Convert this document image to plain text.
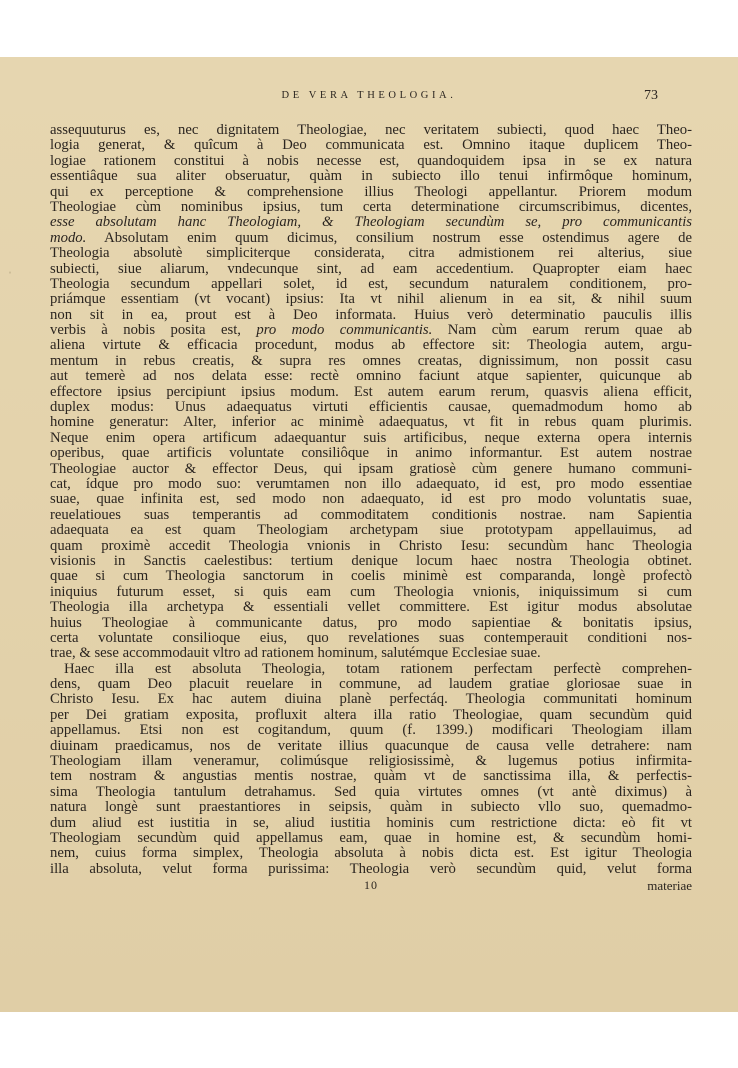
DE VERA THEOLOGIA.	73
ˌ
assequuturus es, nec dignitatem Theologiae, nec veritatem subiecti, quod haec Theo-
logia generat, & quîcum à Deo communicata est. Omnino itaque duplicem Theo-
logiae rationem constitui à nobis necesse est, quandoquidem ipsa in se ex natura
essentiâque sua aliter obseruatur, quàm in subiecto illo tenui infirmôque hominum,
qui ex perceptione & comprehensione illius Theologi appellantur. Priorem modum
Theologiae cùm nominibus ipsius, tum certa determinatione circumscribimus, dicentes,
esse absolutam hanc Theologiam, & Theologiam secundùm se, pro communicantis
modo. Absolutam enim quum dicimus, consilium nostrum esse ostendimus agere de
Theologia absolutè simpliciterque considerata, citra admistionem rei alterius, siue
subiecti, siue aliarum, vndecunque sint, ad eam accedentium. Quapropter eiam haec
Theologia secundum appellari solet, id est, secundum naturalem conditionem, pro-
priámque essentiam (vt vocant) ipsius: Ita vt nihil alienum in ea sit, & nihil suum
non sit in ea, prout est à Deo informata. Huius verò determinatio pauculis illis
verbis à nobis posita est, pro modo communicantis. Nam cùm earum rerum quae ab
aliena virtute & efficacia procedunt, modus ab effectore sit: Theologia autem, argu-
mentum in rebus creatis, & supra res omnes creatas, dignissimum, non possit casu
aut temerè ad nos delata esse: rectè omnino faciunt atque sapienter, quicunque ab
effectore ipsius percipiunt ipsius modum. Est autem earum rerum, quasvis aliena efficit,
duplex modus: Unus adaequatus virtuti efficientis causae, quemadmodum homo ab
homine generatur: Alter, inferior ac minimè adaequatus, vt fit in rebus quam plurimis.
Neque enim opera artificum adaequantur suis artificibus, neque externa opera internis
operibus, quae artificis voluntate consiliôque in animo informantur. Est autem nostrae
Theologiae auctor & effector Deus, qui ipsam gratiosè cùm genere humano communi-
cat, ídque pro modo suo: verumtamen non illo adaequato, id est, pro modo essentiae
suae, quae infinita est, sed modo non adaequato, id est pro modo voluntatis suae,
reuelatioues suas temperantis ad commoditatem conditionis nostrae. nam Sapientia
adaequata ea est quam Theologiam archetypam siue prototypam appellauimus, ad
quam proximè accedit Theologia vnionis in Christo Iesu: secundùm hanc Theologia
visionis in Sanctis caelestibus: tertium denique locum haec nostra Theologia obtinet.
quae si cum Theologia sanctorum in coelis minimè est comparanda, longè profectò
iniquius futurum esset, si quis eam cum Theologia vnionis, iniquissimum si cum
Theologia illa archetypa & essentiali vellet committere. Est igitur modus absolutae
huius Theologiae à communicante datus, pro modo sapientiae & bonitatis ipsius,
certa voluntate consilioque eius, quo revelationes suas contemperauit conditioni nos-
trae, & sese accommodauit vltro ad rationem hominum, salutémque Ecclesiae suae.
Haec illa est absoluta Theologia, totam rationem perfectam perfectè comprehen-
dens, quam Deo placuit reuelare in commune, ad laudem gratiae gloriosae suae in
Christo Iesu. Ex hac autem diuina planè perfectáq. Theologia communitati hominum
per Dei gratiam exposita, profluxit altera illa ratio Theologiae, quam secundùm quid
appellamus. Etsi non est cogitandum, quum (f. 1399.) modificari Theologiam illam
diuinam praedicamus, nos de veritate illius quacunque de causa velle detrahere: nam
Theologiam illam veneramur, colimúsque religiosissimè, & lugemus potius infirmita-
tem nostram & angustias mentis nostrae, quàm vt de sanctissima illa, & perfectis-
sima Theologia tantulum detrahamus. Sed quia virtutes omnes (vt antè diximus) à
natura longè sunt praestantiores in seipsis, quàm in subiecto vllo suo, quemadmo-
dum aliud est iustitia in se, aliud iustitia hominis cum restrictione dicta: eò fit vt
Theologiam secundùm quid appellamus eam, quae in homine est, & secundùm homi-
nem, cuius forma simplex, Theologia absoluta à nobis dicta est. Est igitur Theologia
illa absoluta, velut forma purissima: Theologia verò secundùm quid, velut forma
10	materiae
